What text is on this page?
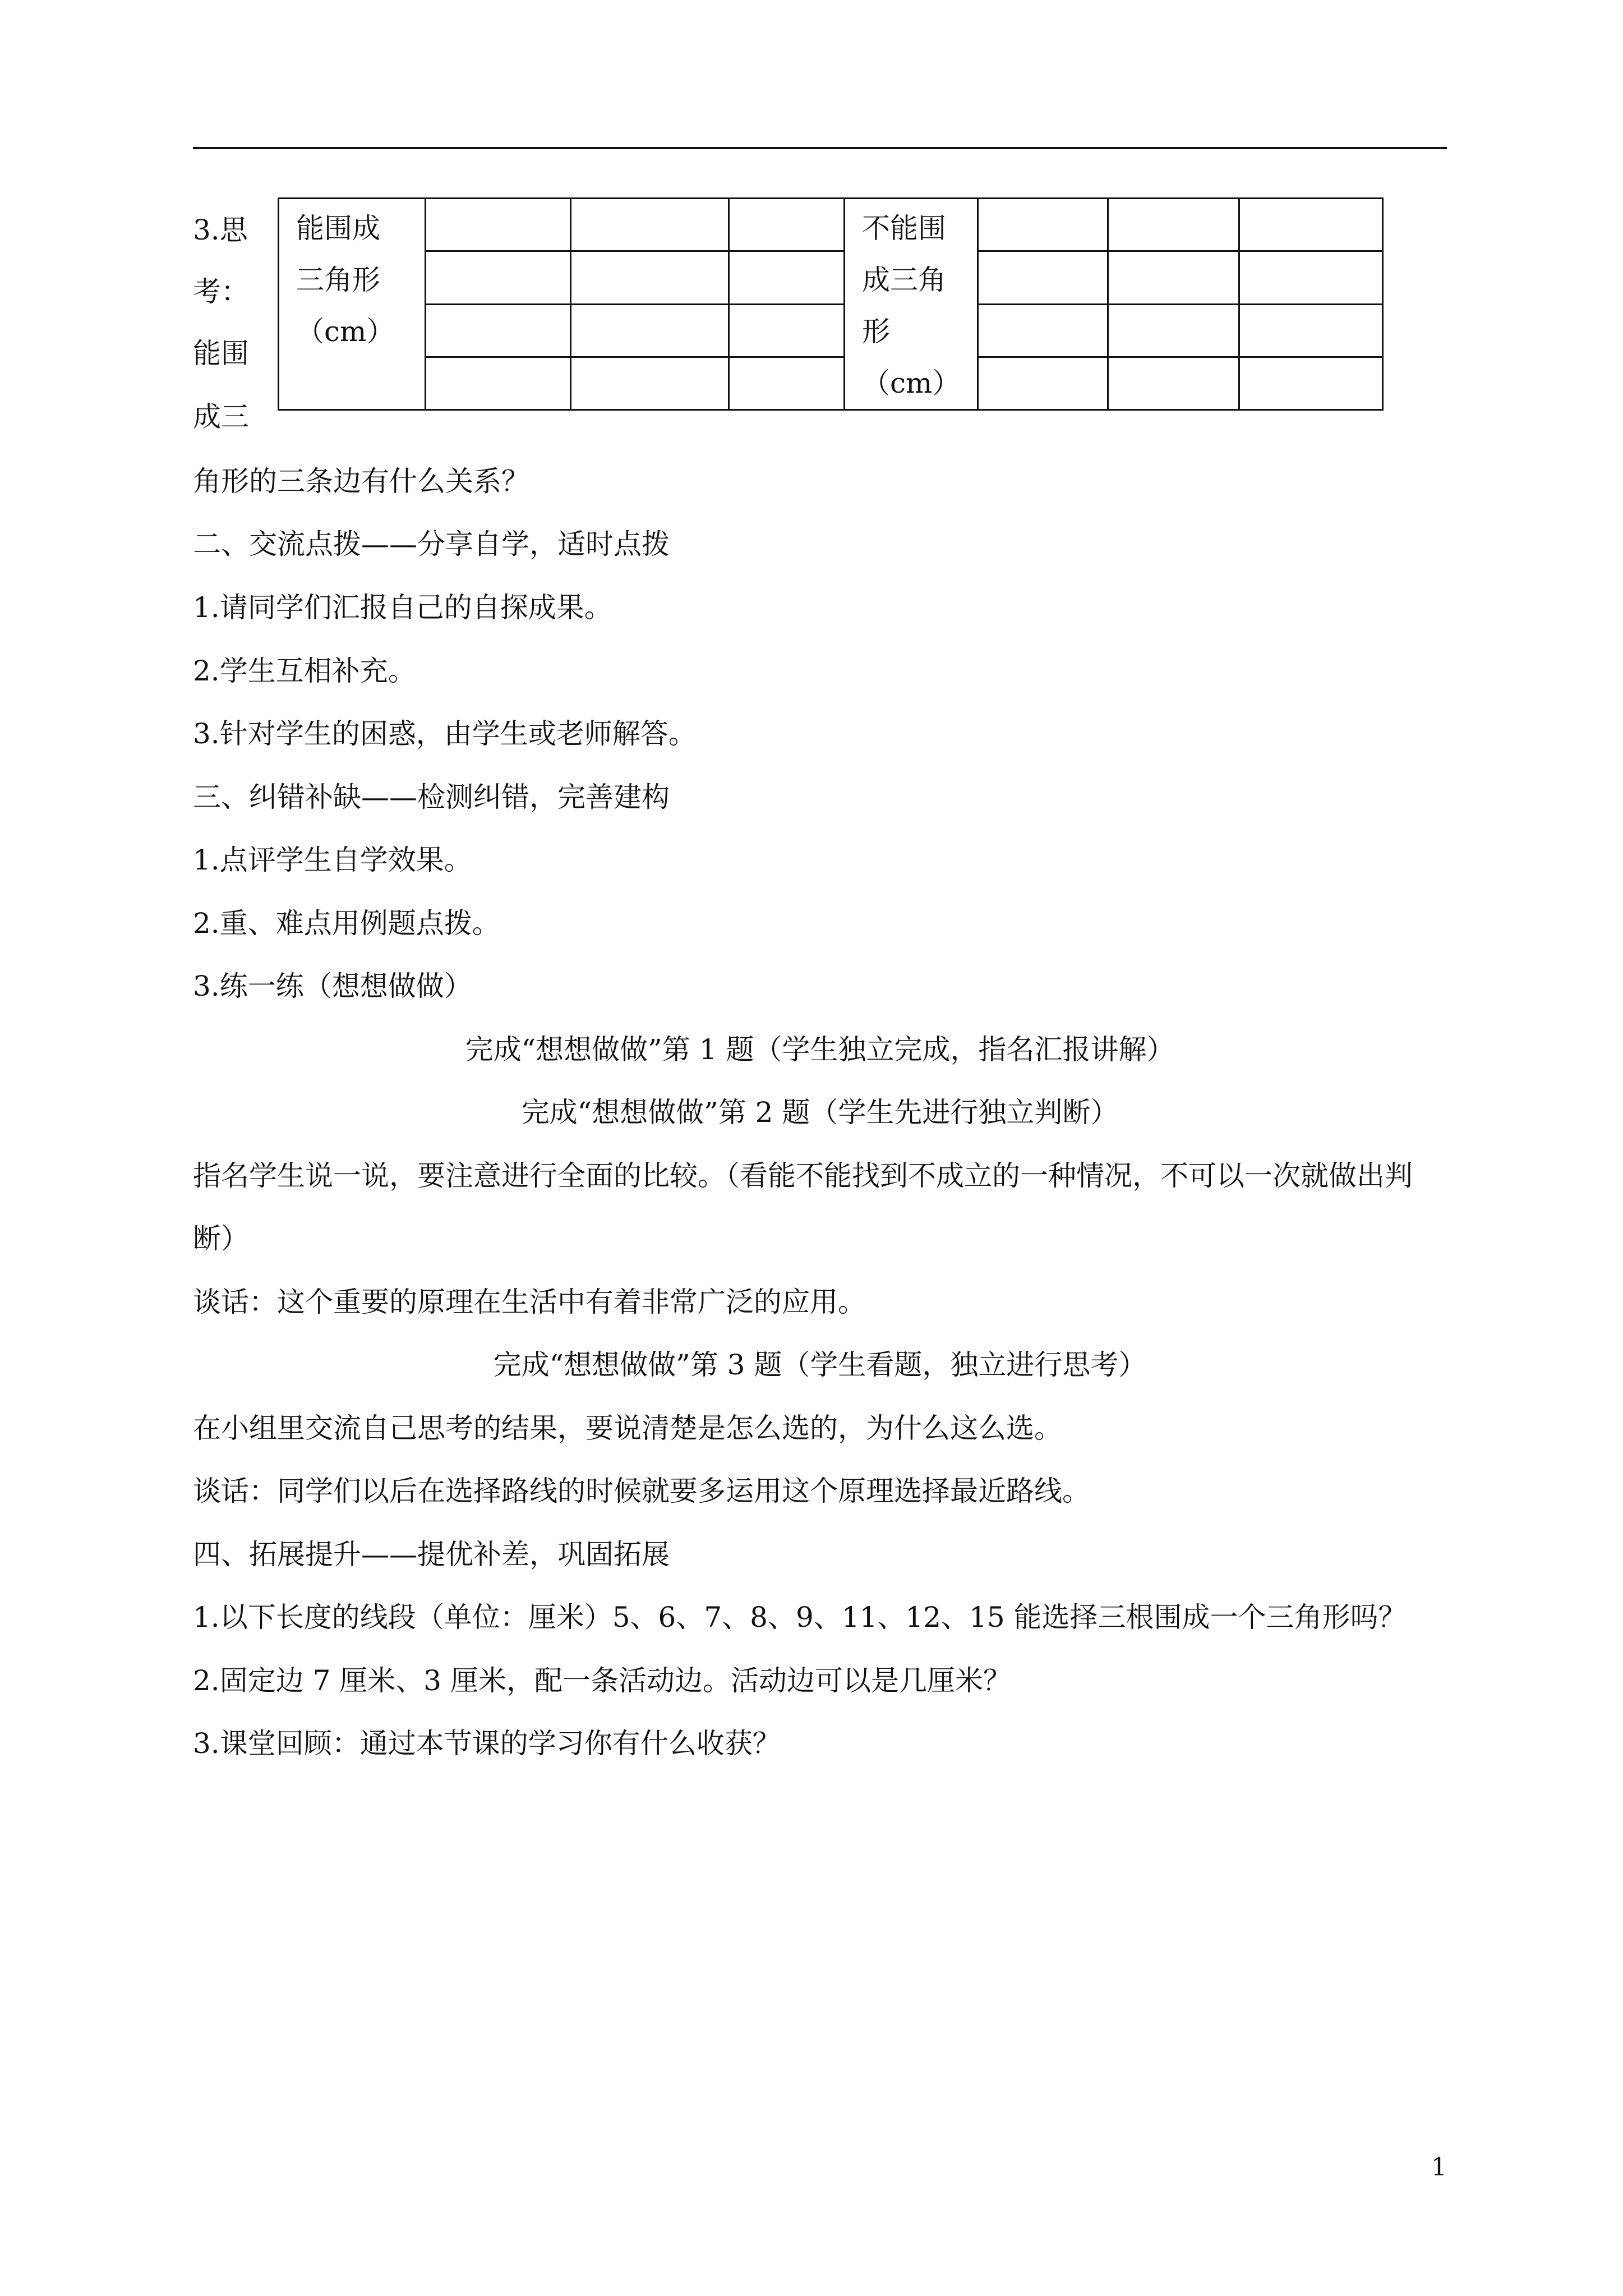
3.思
考：
能围
成三
能围成
三角形
（cm）				不能围
成三角
形
（cm）			

角形的三条边有什么关系？
二、交流点拨——分享自学，适时点拨
1.请同学们汇报自己的自探成果。
2.学生互相补充。
3.针对学生的困惑，由学生或老师解答。
三、纠错补缺——检测纠错，完善建构
1.点评学生自学效果。
2.重、难点用例题点拨。
3.练一练（想想做做）
完成“想想做做”第 1 题（学生独立完成，指名汇报讲解）
完成“想想做做”第 2 题（学生先进行独立判断）
指名学生说一说，要注意进行全面的比较。（看能不能找到不成立的一种情况，不可以一次就做出判
断）
谈话：这个重要的原理在生活中有着非常广泛的应用。
完成“想想做做”第 3 题（学生看题，独立进行思考）
在小组里交流自己思考的结果，要说清楚是怎么选的，为什么这么选。
谈话：同学们以后在选择路线的时候就要多运用这个原理选择最近路线。
四、拓展提升——提优补差，巩固拓展
1.以下长度的线段（单位：厘米）5、6、7、8、9、11、12、15 能选择三根围成一个三角形吗？
2.固定边 7 厘米、3 厘米，配一条活动边。活动边可以是几厘米？
3.课堂回顾：通过本节课的学习你有什么收获？
1
